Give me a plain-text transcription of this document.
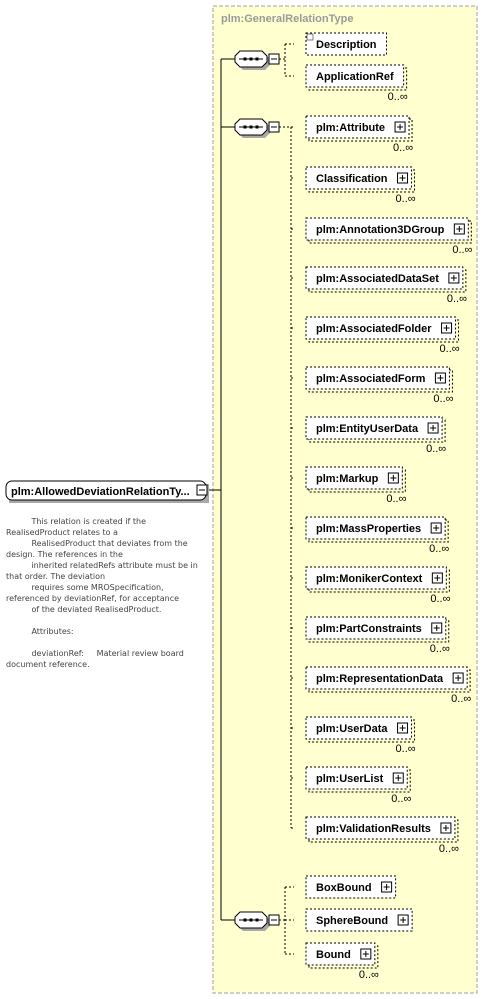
plm:GeneralRelationType
Description
ApplicationRef
0..∞
plm:Attribute
0..∞
Classification
0..∞
plm:Annotation3DGroup
0..∞
plm:AssociatedDataSet
0..∞
plm:AssociatedFolder
0..∞
plm:AssociatedForm
0..∞
plm:EntityUserData
0..∞
plm:Markup
0..∞
plm:MassProperties
0..∞
plm:MonikerContext
0..∞
plm:PartConstraints
0..∞
plm:RepresentationData
0..∞
plm:UserData
0..∞
plm:UserList
0..∞
plm:ValidationResults
0..∞
BoxBound
SphereBound
Bound
0..∞
plm:AllowedDeviationRelationTy...
This relation is created if the RealisedProduct relates to a
RealisedProduct that deviates from the design. The references in the
inherited relatedRefs attribute must be in that order. The deviation
requires some MROSpecification, referenced by deviationRef, for acceptance
of the deviated RealisedProduct.

Attributes:

deviationRef:     Material review board document reference.
